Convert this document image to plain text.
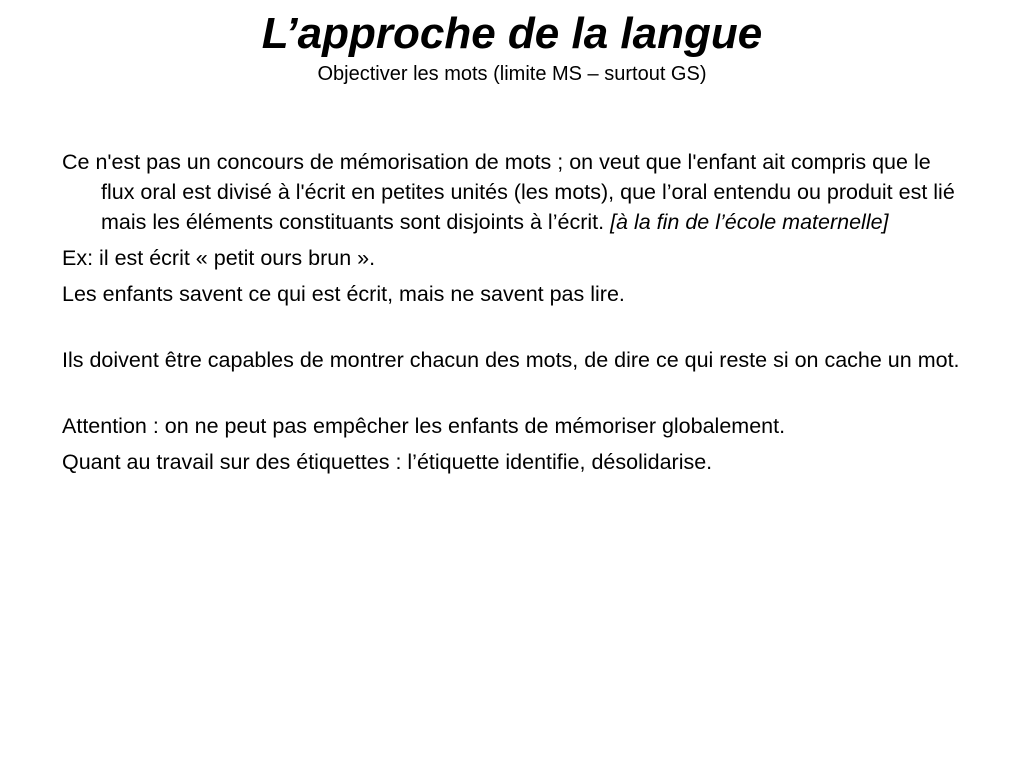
L’approche de la langue

Objectiver les mots (limite MS – surtout GS)

Ce n'est pas un concours de mémorisation de mots ; on veut que l'enfant ait compris que le flux oral est divisé à l'écrit en petites unités (les mots), que l’oral entendu ou produit est lié mais les éléments constituants sont disjoints à l’écrit. [à la fin de l’école maternelle]

Ex: il est écrit « petit ours brun ».

Les enfants savent ce qui est écrit, mais ne savent pas lire.

Ils doivent être capables de montrer chacun des mots, de dire ce qui reste si on cache un mot.

Attention : on ne peut pas empêcher les enfants de mémoriser globalement.

Quant au travail sur des étiquettes : l’étiquette identifie, désolidarise.
